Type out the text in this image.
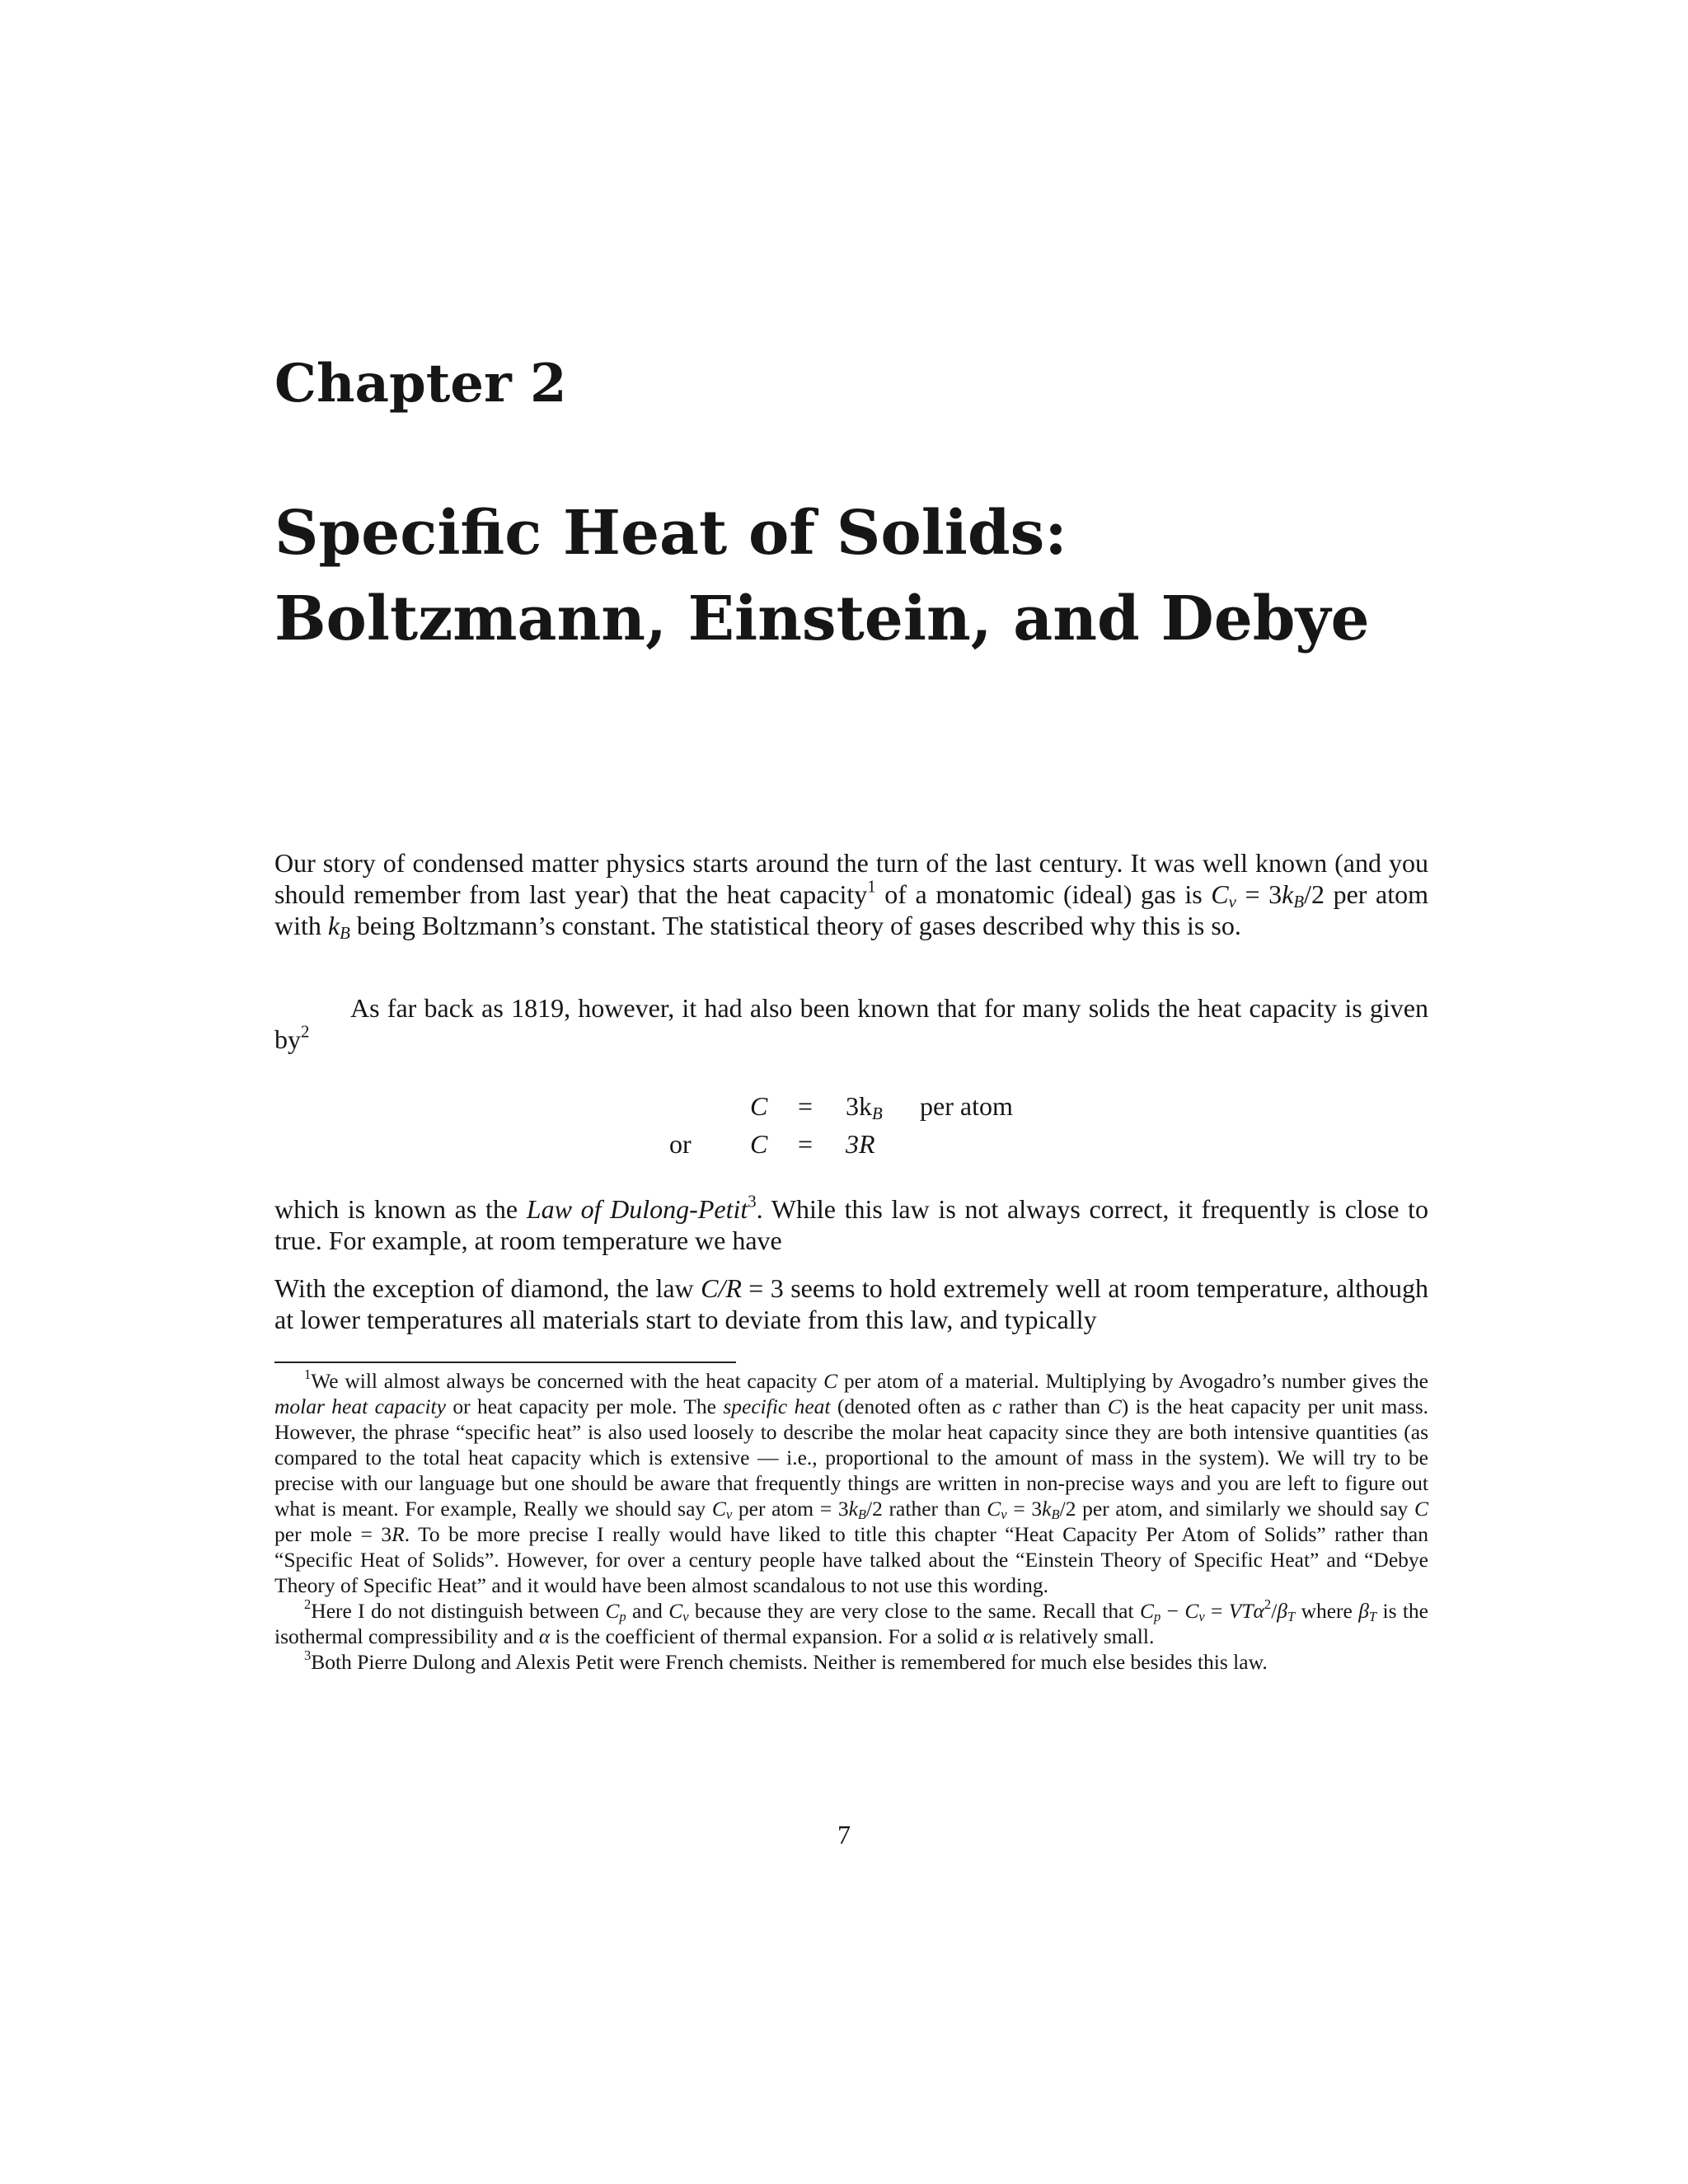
Chapter 2
Specific Heat of Solids:
Boltzmann, Einstein, and Debye

Our story of condensed matter physics starts around the turn of the last century. It was well known (and you should remember from last year) that the heat capacity$^1$ of a monatomic (ideal) gas is $C_v = 3k_B/2$ per atom with $k_B$ being Boltzmann’s constant. The statistical theory of gases described why this is so.

As far back as 1819, however, it had also been known that for many solids the heat capacity is given $by^2$

$C = 3k_B$ per atom
or C = 3R

which is known as the Law of Dulong-Petit$^3$. While this law is not always correct, it frequently is close to true. For example, at room temperature we have

With the exception of diamond, the law C/R = 3 seems to hold extremely well at room temperature, although at lower temperatures all materials start to deviate from this law, and typically

$^1$We will almost always be concerned with the heat capacity C per atom of a material. Multiplying by Avogadro’s number gives the molar heat capacity or heat capacity per mole. The specific heat (denoted often as c rather than C) is the heat capacity per unit mass. However, the phrase “specific heat” is also used loosely to describe the molar heat capacity since they are both intensive quantities (as compared to the total heat capacity which is extensive — i.e., proportional to the amount of mass in the system). We will try to be precise with our language but one should be aware that frequently things are written in non-precise ways and you are left to figure out what is meant. For example, Really we should say $C_v$ per atom = $3k_B/2$ rather than $C_v = 3k_B/2$ per atom, and similarly we should say C per mole = 3R. To be more precise I really would have liked to title this chapter “Heat Capacity Per Atom of Solids” rather than “Specific Heat of Solids”. However, for over a century people have talked about the “Einstein Theory of Specific Heat” and “Debye Theory of Specific Heat” and it would have been almost scandalous to not use this wording.

$^2$Here I do not distinguish between $C_p$ and $C_v$ because they are very close to the same. Recall that $C_p - C_v = VT\alpha^2/\beta_T$ where $\beta_T$ is the isothermal compressibility and α is the coefficient of thermal expansion. For a solid α is relatively small.

$^3$Both Pierre Dulong and Alexis Petit were French chemists. Neither is remembered for much else besides this law.

7
